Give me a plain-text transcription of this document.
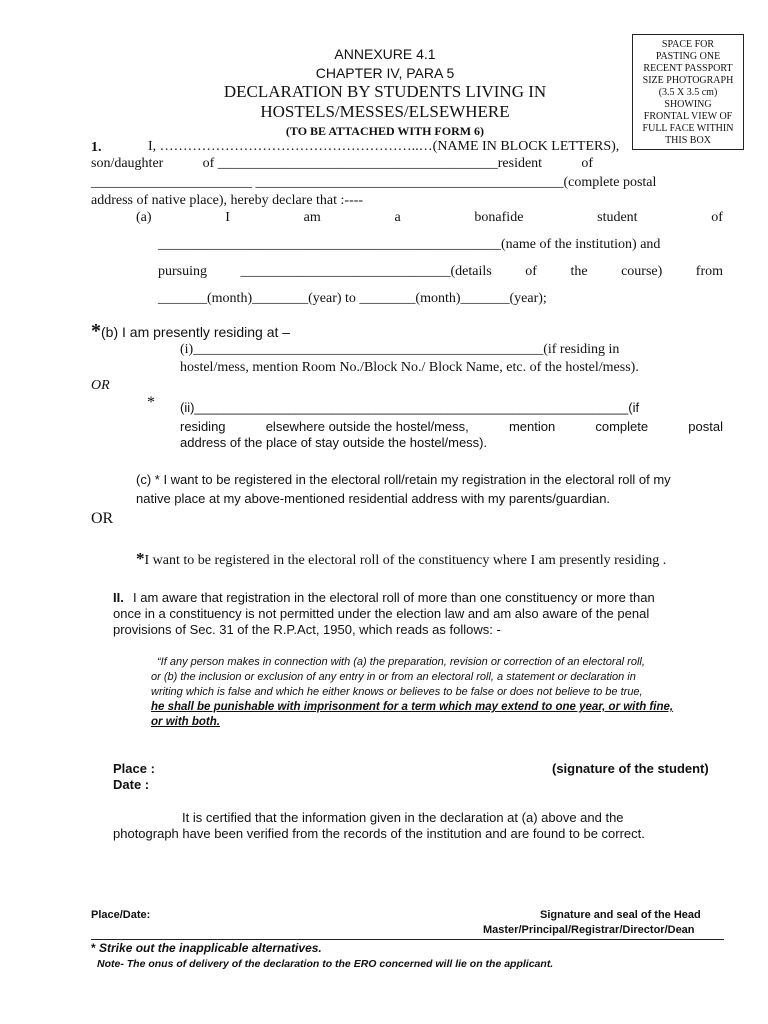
SPACE FOR
PASTING ONE
RECENT PASSPORT
SIZE PHOTOGRAPH
(3.5 X 3.5 cm)
SHOWING
FRONTAL VIEW OF
FULL FACE WITHIN
THIS BOX
ANNEXURE 4.1
CHAPTER IV, PARA 5
DECLARATION BY STUDENTS LIVING IN
HOSTELS/MESSES/ELSEWHERE
(TO BE ATTACHED WITH FORM 6)
1.	I, ………………………………………………..…(NAME IN BLOCK LETTERS),
son/daughter	of ________________________________________resident	of
_______________________ ____________________________________________(complete postal
address of native place), hereby declare that :----
(a)	I	am	a	bonafide	student	of
_________________________________________________(name of the institution) and
pursuing ______________________________(details of the course) from
_______(month)________(year) to ________(month)_______(year);
*(b) I am presently residing at –
(i)__________________________________________________(if residing in
hostel/mess, mention Room No./Block No./ Block Name, etc. of the hostel/mess).
OR
* (ii)____________________________________________________________(if
residing	elsewhere outside the hostel/mess,	mention	complete	postal
address of the place of stay outside the hostel/mess).
(c) * I want to be registered in the electoral roll/retain my registration in the electoral roll of my
native place at my above-mentioned residential address with my parents/guardian.
OR
*I want to be registered in the electoral roll of the constituency where I am presently residing .
II. I am aware that registration in the electoral roll of more than one constituency or more than
once in a constituency is not permitted under the election law and am also aware of the penal
provisions of Sec. 31 of the R.P.Act, 1950, which reads as follows: -
“If any person makes in connection with (a) the preparation, revision or correction of an electoral roll,
or (b) the inclusion or exclusion of any entry in or from an electoral roll, a statement or declaration in
writing which is false and which he either knows or believes to be false or does not believe to be true,
he shall be punishable with imprisonment for a term which may extend to one year, or with fine,
or with both.
Place :
Date :
(signature of the student)
It is certified that the information given in the declaration at (a) above and the
photograph have been verified from the records of the institution and are found to be correct.
Place/Date:	Signature and seal of the Head
Master/Principal/Registrar/Director/Dean
* Strike out the inapplicable alternatives.
Note- The onus of delivery of the declaration to the ERO concerned will lie on the applicant.
